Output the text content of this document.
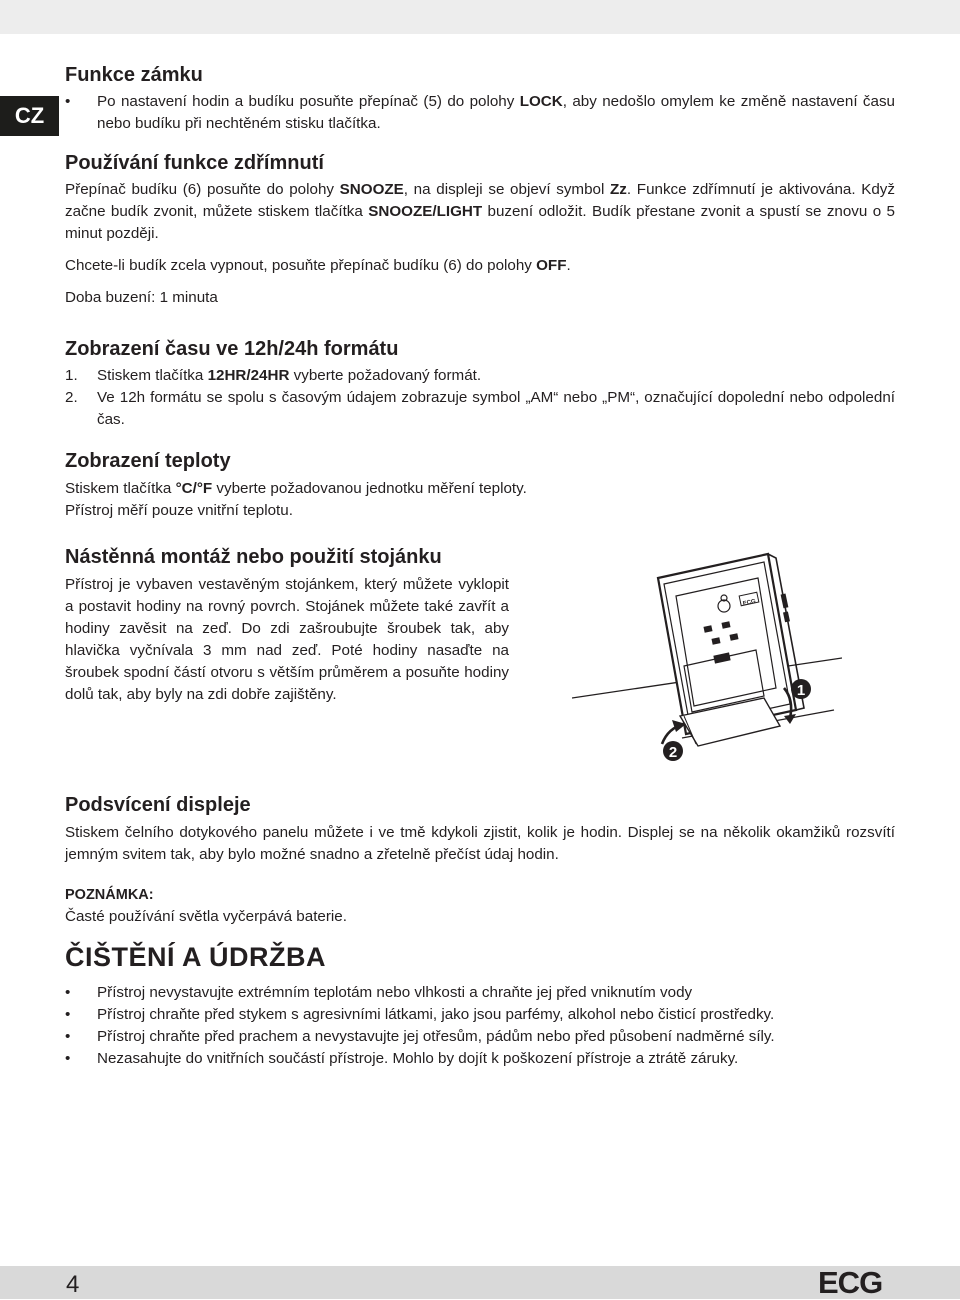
CZ
Funkce zámku
• Po nastavení hodin a budíku posuňte přepínač (5) do polohy LOCK, aby nedošlo omylem ke změně nastavení času nebo budíku při nechtěném stisku tlačítka.
Používání funkce zdřímnutí

Přepínač budíku (6) posuňte do polohy SNOOZE, na displeji se objeví symbol Zz. Funkce zdřímnutí je aktivována. Když začne budík zvonit, můžete stiskem tlačítka SNOOZE/LIGHT buzení odložit. Budík přestane zvonit a spustí se znovu o 5 minut později.

Chcete-li budík zcela vypnout, posuňte přepínač budíku (6) do polohy OFF.

Doba buzení: 1 minuta

Zobrazení času ve 12h/24h formátu
1. Stiskem tlačítka 12HR/24HR vyberte požadovaný formát.
2. Ve 12h formátu se spolu s časovým údajem zobrazuje symbol „AM“ nebo „PM“, označující dopolední nebo odpolední čas.
Zobrazení teploty

Stiskem tlačítka °C/°F vyberte požadovanou jednotku měření teploty.

Přístroj měří pouze vnitřní teplotu.

Nástěnná montáž nebo použití stojánku

Přístroj je vybaven vestavěným stojánkem, který můžete vyklopit a postavit hodiny na rovný povrch. Stojánek můžete také zavřít a hodiny zavěsit na zeď. Do zdi zašroubujte šroubek tak, aby hlavička vyčnívala 3 mm nad zeď. Poté hodiny nasaďte na šroubek spodní částí otvoru s větším průměrem a posuňte hodiny dolů tak, aby byly na zdi dobře zajištěny.

Podsvícení displeje

Stiskem čelního dotykového panelu můžete i ve tmě kdykoli zjistit, kolik je hodin. Displej se na několik okamžiků rozsvítí jemným svitem tak, aby bylo možné snadno a zřetelně přečíst údaj hodin.

POZNÁMKA:

Časté používání světla vyčerpává baterie.

ČIŠTĚNÍ A ÚDRŽBA
• Přístroj nevystavujte extrémním teplotám nebo vlhkosti a chraňte jej před vniknutím vody
• Přístroj chraňte před stykem s agresivními látkami, jako jsou parfémy, alkohol nebo čisticí prostředky.
• Přístroj chraňte před prachem a nevystavujte jej otřesům, pádům nebo před působení nadměrné síly.
• Nezasahujte do vnitřních součástí přístroje. Mohlo by dojít k poškození přístroje a ztrátě záruky.
ECG
1
2
4	ECG
